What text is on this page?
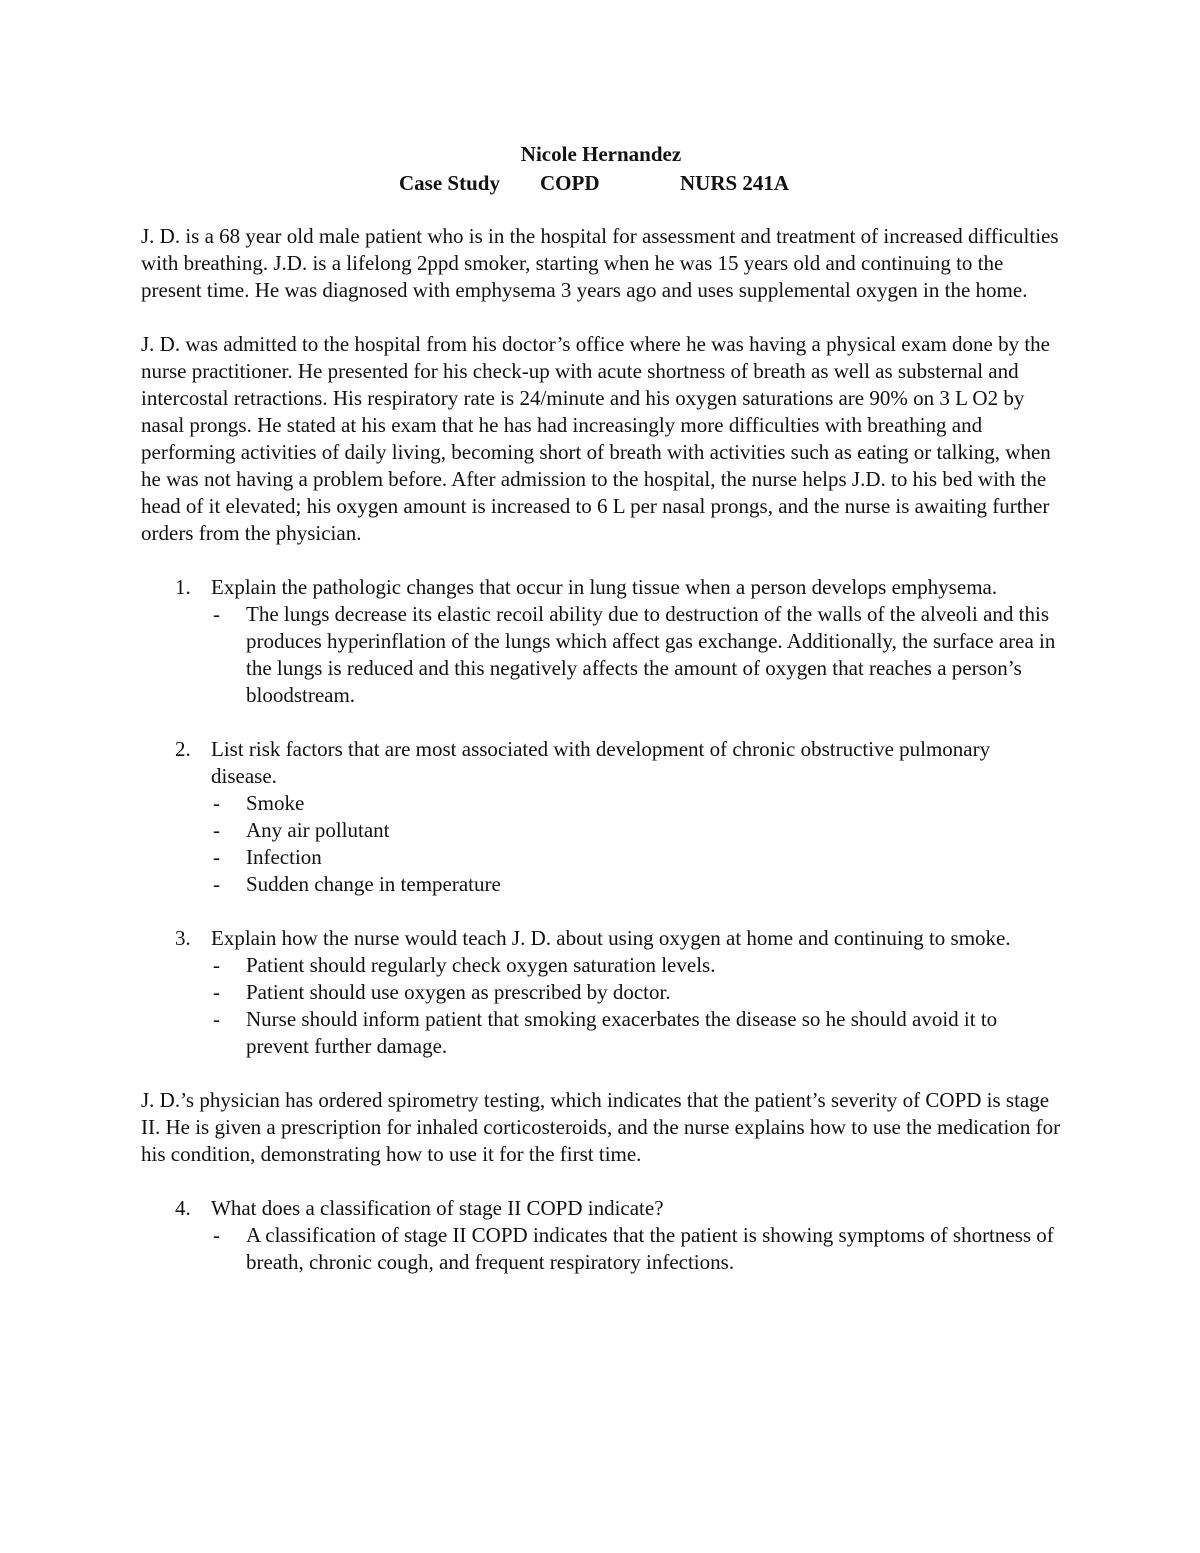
Nicole Hernandez
Case Study COPD	NURS 241A

J. D. is a 68 year old male patient who is in the hospital for assessment and treatment of increased difficulties with breathing. J.D. is a lifelong 2ppd smoker, starting when he was 15 years old and continuing to the present time. He was diagnosed with emphysema 3 years ago and uses supplemental oxygen in the home.

J. D. was admitted to the hospital from his doctor’s office where he was having a physical exam done by the nurse practitioner. He presented for his check-up with acute shortness of breath as well as substernal and intercostal retractions. His respiratory rate is 24/minute and his oxygen saturations are 90% on 3 L O2 by nasal prongs. He stated at his exam that he has had increasingly more difficulties with breathing and performing activities of daily living, becoming short of breath with activities such as eating or talking, when he was not having a problem before. After admission to the hospital, the nurse helps J.D. to his bed with the head of it elevated; his oxygen amount is increased to 6 L per nasal prongs, and the nurse is awaiting further orders from the physician.

1. Explain the pathologic changes that occur in lung tissue when a person develops emphysema.
- The lungs decrease its elastic recoil ability due to destruction of the walls of the alveoli and this produces hyperinflation of the lungs which affect gas exchange. Additionally, the surface area in the lungs is reduced and this negatively affects the amount of oxygen that reaches a person’s bloodstream.
2. List risk factors that are most associated with development of chronic obstructive pulmonary disease.
- Smoke
- Any air pollutant
- Infection
- Sudden change in temperature
3. Explain how the nurse would teach J. D. about using oxygen at home and continuing to smoke.
- Patient should regularly check oxygen saturation levels.
- Patient should use oxygen as prescribed by doctor.
- Nurse should inform patient that smoking exacerbates the disease so he should avoid it to prevent further damage.

J. D.’s physician has ordered spirometry testing, which indicates that the patient’s severity of COPD is stage II. He is given a prescription for inhaled corticosteroids, and the nurse explains how to use the medication for his condition, demonstrating how to use it for the first time.

4. What does a classification of stage II COPD indicate?
- A classification of stage II COPD indicates that the patient is showing symptoms of shortness of breath, chronic cough, and frequent respiratory infections.
